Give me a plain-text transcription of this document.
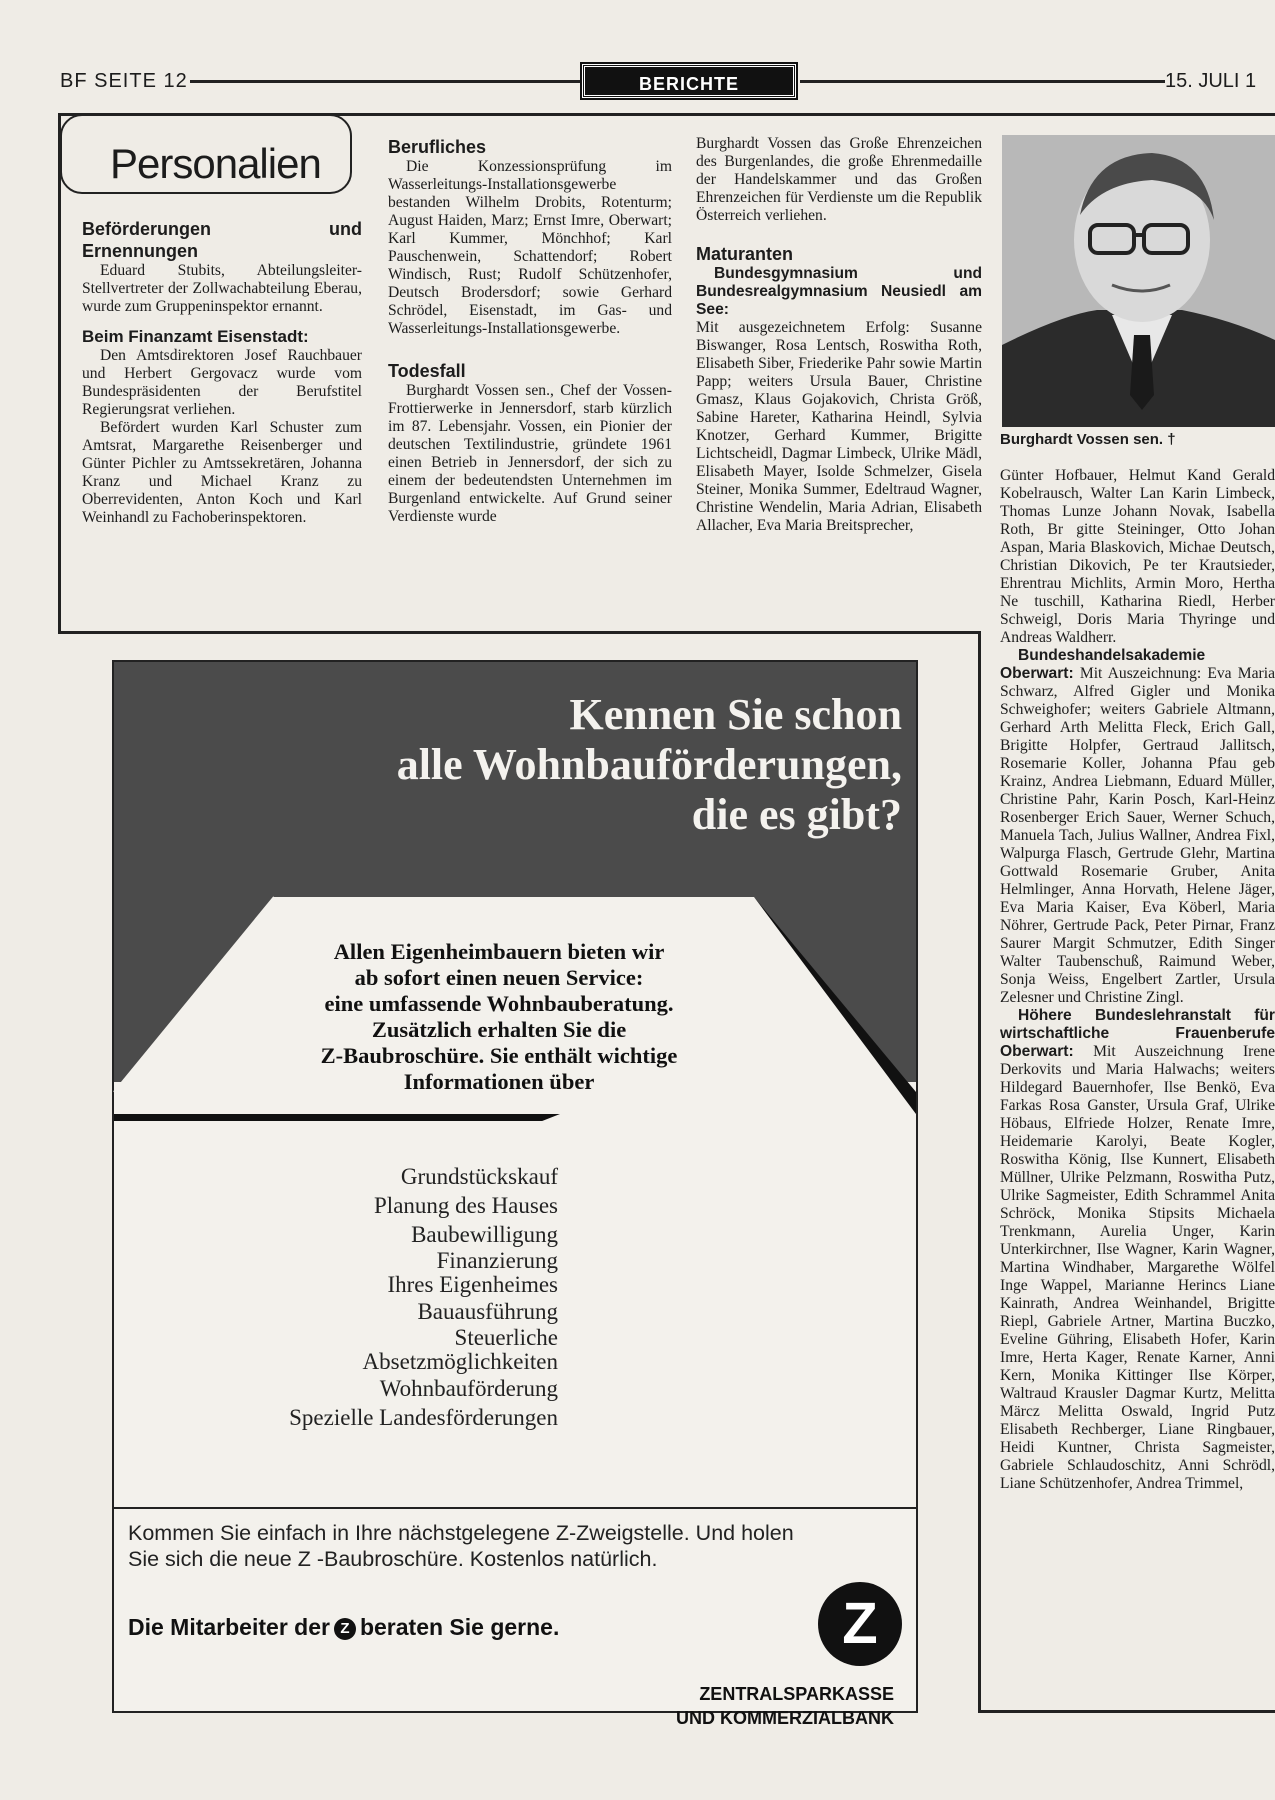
BF SEITE 12	BERICHTE	15. JULI 1
Personalien
Beförderungen und Ernennungen

Eduard Stubits, Abteilungsleiter-Stellvertreter der Zollwachabteilung Eberau, wurde zum Gruppeninspektor ernannt.

Beim Finanzamt Eisenstadt:

Den Amtsdirektoren Josef Rauchbauer und Herbert Gergovacz wurde vom Bundespräsidenten der Berufstitel Regierungsrat verliehen.

Befördert wurden Karl Schuster zum Amtsrat, Margarethe Reisenberger und Günter Pichler zu Amtssekretären, Johanna Kranz und Michael Kranz zu Oberrevidenten, Anton Koch und Karl Weinhandl zu Fachoberinspektoren.

Berufliches

Die Konzessionsprüfung im Wasserleitungs-Installationsgewerbe bestanden Wilhelm Drobits, Rotenturm; August Haiden, Marz; Ernst Imre, Oberwart; Karl Kummer, Mönchhof; Karl Pauschenwein, Schattendorf; Robert Windisch, Rust; Rudolf Schützenhofer, Deutsch Brodersdorf; sowie Gerhard Schrödel, Eisenstadt, im Gas- und Wasserleitungs-Installationsgewerbe.

Todesfall

Burghardt Vossen sen., Chef der Vossen-Frottierwerke in Jennersdorf, starb kürzlich im 87. Lebensjahr. Vossen, ein Pionier der deutschen Textilindustrie, gründete 1961 einen Betrieb in Jennersdorf, der sich zu einem der bedeutendsten Unternehmen im Burgenland entwickelte. Auf Grund seiner Verdienste wurde

Burghardt Vossen das Große Ehrenzeichen des Burgenlandes, die große Ehrenmedaille der Handelskammer und das Großen Ehrenzeichen für Verdienste um die Republik Österreich verliehen.

Maturanten

Bundesgymnasium und Bundesrealgymnasium Neusiedl am See:

Mit ausgezeichnetem Erfolg: Susanne Biswanger, Rosa Lentsch, Roswitha Roth, Elisabeth Siber, Friederike Pahr sowie Martin Papp; weiters Ursula Bauer, Christine Gmasz, Klaus Gojakovich, Christa Größ, Sabine Hareter, Katharina Heindl, Sylvia Knotzer, Gerhard Kummer, Brigitte Lichtscheidl, Dagmar Limbeck, Ulrike Mädl, Elisabeth Mayer, Isolde Schmelzer, Gisela Steiner, Monika Summer, Edeltraud Wagner, Christine Wendelin, Maria Adrian, Elisabeth Allacher, Eva Maria Breitsprecher,

Burghardt Vossen sen. †

Günter Hofbauer, Helmut Kand Gerald Kobelrausch, Walter Lan Karin Limbeck, Thomas Lunze Johann Novak, Isabella Roth, Br gitte Steininger, Otto Johan Aspan, Maria Blaskovich, Michae Deutsch, Christian Dikovich, Pe ter Krautsieder, Ehrentrau Michlits, Armin Moro, Hertha Ne tuschill, Katharina Riedl, Herber Schweigl, Doris Maria Thyringe und Andreas Waldherr.

Bundeshandelsakademie Oberwart: Mit Auszeichnung: Eva Maria Schwarz, Alfred Gigler und Monika Schweighofer; weiters Gabriele Altmann, Gerhard Arth Melitta Fleck, Erich Gall, Brigitte Holpfer, Gertraud Jallitsch, Rosemarie Koller, Johanna Pfau geb Krainz, Andrea Liebmann, Eduard Müller, Christine Pahr, Karin Posch, Karl-Heinz Rosenberger Erich Sauer, Werner Schuch, Manuela Tach, Julius Wallner, Andrea Fixl, Walpurga Flasch, Gertrude Glehr, Martina Gottwald Rosemarie Gruber, Anita Helmlinger, Anna Horvath, Helene Jäger, Eva Maria Kaiser, Eva Köberl, Maria Nöhrer, Gertrude Pack, Peter Pirnar, Franz Saurer Margit Schmutzer, Edith Singer Walter Taubenschuß, Raimund Weber, Sonja Weiss, Engelbert Zartler, Ursula Zelesner und Christine Zingl.

Höhere Bundeslehranstalt für wirtschaftliche Frauenberufe Oberwart: Mit Auszeichnung Irene Derkovits und Maria Halwachs; weiters Hildegard Bauernhofer, Ilse Benkö, Eva Farkas Rosa Ganster, Ursula Graf, Ulrike Höbaus, Elfriede Holzer, Renate Imre, Heidemarie Karolyi, Beate Kogler, Roswitha König, Ilse Kunnert, Elisabeth Müllner, Ulrike Pelzmann, Roswitha Putz, Ulrike Sagmeister, Edith Schrammel Anita Schröck, Monika Stipsits Michaela Trenkmann, Aurelia Unger, Karin Unterkirchner, Ilse Wagner, Karin Wagner, Martina Windhaber, Margarethe Wölfel Inge Wappel, Marianne Herincs Liane Kainrath, Andrea Weinhandel, Brigitte Riepl, Gabriele Artner, Martina Buczko, Eveline Gühring, Elisabeth Hofer, Karin Imre, Herta Kager, Renate Karner, Anni Kern, Monika Kittinger Ilse Körper, Waltraud Krausler Dagmar Kurtz, Melitta Märcz Melitta Oswald, Ingrid Putz Elisabeth Rechberger, Liane Ringbauer, Heidi Kuntner, Christa Sagmeister, Gabriele Schlaudoschitz, Anni Schrödl, Liane Schützenhofer, Andrea Trimmel,

Kennen Sie schon
alle Wohnbauförderungen,
die es gibt?
Allen Eigenheimbauern bieten wir
ab sofort einen neuen Service:
eine umfassende Wohnbauberatung.
Zusätzlich erhalten Sie die
Z-Baubroschüre. Sie enthält wichtige
Informationen über
Grundstückskauf
Planung des Hauses
Baubewilligung
Finanzierung
Ihres Eigenheimes
Bauausführung
Steuerliche
Absetzmöglichkeiten
Wohnbauförderung
Spezielle Landesförderungen
Kommen Sie einfach in Ihre nächstgelegene Z-Zweigstelle. Und holen
Sie sich die neue Z -Baubroschüre. Kostenlos natürlich.
Die Mitarbeiter der Z beraten Sie gerne.	Z
ZENTRALSPARKASSE
UND KOMMERZIALBANK
